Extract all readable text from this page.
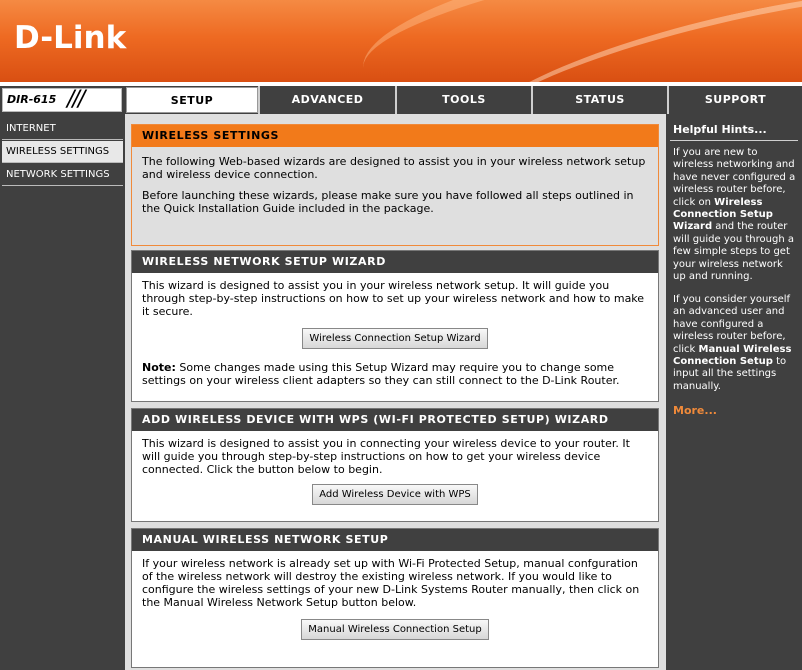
D-Link
DIR-615 ///	SETUP	ADVANCED	TOOLS	STATUS	SUPPORT
INTERNET
WIRELESS SETTINGS
NETWORK SETTINGS
WIRELESS SETTINGS

The following Web-based wizards are designed to assist you in your wireless network setup and wireless device connection.

Before launching these wizards, please make sure you have followed all steps outlined in the Quick Installation Guide included in the package.

WIRELESS NETWORK SETUP WIZARD

This wizard is designed to assist you in your wireless network setup. It will guide you through step-by-step instructions on how to set up your wireless network and how to make it secure.

Wireless Connection Setup Wizard

Note: Some changes made using this Setup Wizard may require you to change some settings on your wireless client adapters so they can still connect to the D-Link Router.

ADD WIRELESS DEVICE WITH WPS (WI-FI PROTECTED SETUP) WIZARD

This wizard is designed to assist you in connecting your wireless device to your router. It will guide you through step-by-step instructions on how to get your wireless device connected. Click the button below to begin.

Add Wireless Device with WPS
MANUAL WIRELESS NETWORK SETUP

If your wireless network is already set up with Wi-Fi Protected Setup, manual confguration of the wireless network will destroy the existing wireless network. If you would like to configure the wireless settings of your new D-Link Systems Router manually, then click on the Manual Wireless Network Setup button below.

Manual Wireless Connection Setup
Helpful Hints...
If you are new to wireless networking and have never configured a wireless router before, click on Wireless Connection Setup Wizard and the router will guide you through a few simple steps to get your wireless network up and running.
If you consider yourself an advanced user and have configured a wireless router before, click Manual Wireless Connection Setup to input all the settings manually.
More...
